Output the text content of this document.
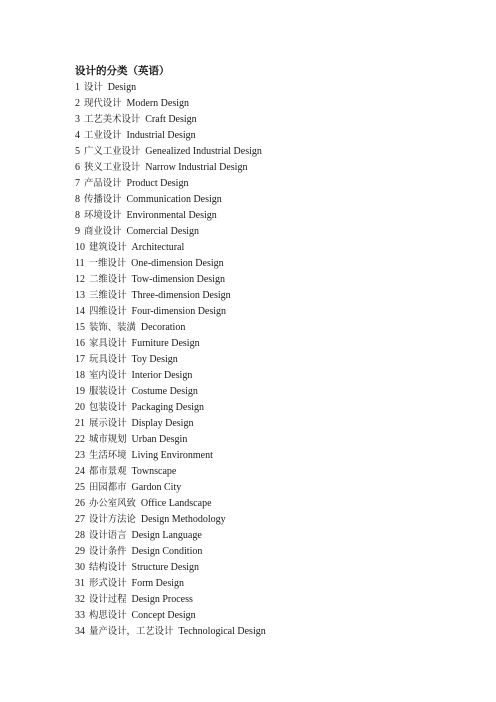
设计的分类（英语）
1 设计 Design
2 现代设计 Modern Design
3 工艺美术设计 Craft Design
4 工业设计 Industrial Design
5 广义工业设计 Genealized Industrial Design
6 狭义工业设计 Narrow Industrial Design
7 产品设计 Product Design
8 传播设计 Communication Design
8 环境设计 Environmental Design
9 商业设计 Comercial Design
10 建筑设计 Architectural
11 一维设计 One-dimension Design
12 二维设计 Tow-dimension Design
13 三维设计 Three-dimension Design
14 四维设计 Four-dimension Design
15 装饰、装潢 Decoration
16 家具设计 Furniture Design
17 玩具设计 Toy Design
18 室内设计 Interior Design
19 服装设计 Costume Design
20 包装设计 Packaging Design
21 展示设计 Display Design
22 城市规划 Urban Desgin
23 生活环境 Living Environment
24 都市景观 Townscape
25 田园都市 Gardon City
26 办公室风致 Office Landscape
27 设计方法论 Design Methodology
28 设计语言 Design Language
29 设计条件 Design Condition
30 结构设计 Structure Design
31 形式设计 Form Design
32 设计过程 Design Process
33 构思设计 Concept Design
34 量产设计，工艺设计 Technological Design
